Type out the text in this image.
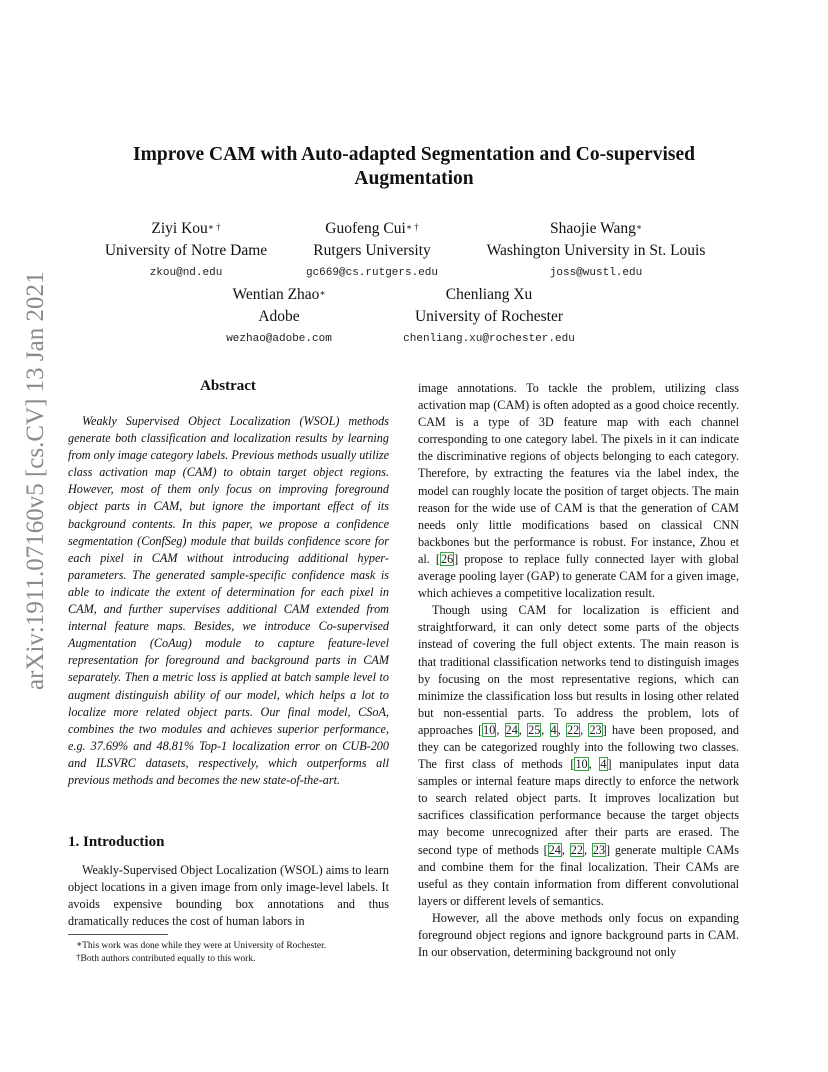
arXiv:1911.07160v5 [cs.CV] 13 Jan 2021
Improve CAM with Auto-adapted Segmentation and Co-supervised
Augmentation
Ziyi Kou∗ †
University of Notre Dame
zkou@nd.edu
Guofeng Cui∗ †
Rutgers University
gc669@cs.rutgers.edu
Shaojie Wang∗
Washington University in St. Louis
joss@wustl.edu
Wentian Zhao∗
Adobe
wezhao@adobe.com
Chenliang Xu
University of Rochester
chenliang.xu@rochester.edu
Abstract

Weakly Supervised Object Localization (WSOL) methods generate both classification and localization results by learning from only image category labels. Previous methods usually utilize class activation map (CAM) to obtain target object regions. However, most of them only focus on improving foreground object parts in CAM, but ignore the important effect of its background contents. In this paper, we propose a confidence segmentation (ConfSeg) module that builds confidence score for each pixel in CAM without introducing additional hyper-parameters. The generated sample-specific confidence mask is able to indicate the extent of determination for each pixel in CAM, and further supervises additional CAM extended from internal feature maps. Besides, we introduce Co-supervised Augmentation (CoAug) module to capture feature-level representation for foreground and background parts in CAM separately. Then a metric loss is applied at batch sample level to augment distinguish ability of our model, which helps a lot to localize more related object parts. Our final model, CSoA, combines the two modules and achieves superior performance, e.g. 37.69% and 48.81% Top-1 localization error on CUB-200 and ILSVRC datasets, respectively, which outperforms all previous methods and becomes the new state-of-the-art.

1. Introduction

Weakly-Supervised Object Localization (WSOL) aims to learn object locations in a given image from only image-level labels. It avoids expensive bounding box annotations and thus dramatically reduces the cost of human labors in

∗This work was done while they were at University of Rochester.
†Both authors contributed equally to this work.

image annotations. To tackle the problem, utilizing class activation map (CAM) is often adopted as a good choice recently. CAM is a type of 3D feature map with each channel corresponding to one category label. The pixels in it can indicate the discriminative regions of objects belonging to each category. Therefore, by extracting the features via the label index, the model can roughly locate the position of target objects. The main reason for the wide use of CAM is that the generation of CAM needs only little modifications based on classical CNN backbones but the performance is robust. For instance, Zhou et al. [26] propose to replace fully connected layer with global average pooling layer (GAP) to generate CAM for a given image, which achieves a competitive localization result.

Though using CAM for localization is efficient and straightforward, it can only detect some parts of the objects instead of covering the full object extents. The main reason is that traditional classification networks tend to distinguish images by focusing on the most representative regions, which can minimize the classification loss but results in losing other related but non-essential parts. To address the problem, lots of approaches [10, 24, 25, 4, 22, 23] have been proposed, and they can be categorized roughly into the following two classes. The first class of methods [10, 4] manipulates input data samples or internal feature maps directly to enforce the network to search related object parts. It improves localization but sacrifices classification performance because the target objects may become unrecognized after their parts are erased. The second type of methods [24, 22, 23] generate multiple CAMs and combine them for the final localization. Their CAMs are useful as they contain information from different convolutional layers or different levels of semantics.

However, all the above methods only focus on expanding foreground object regions and ignore background parts in CAM. In our observation, determining background not only
